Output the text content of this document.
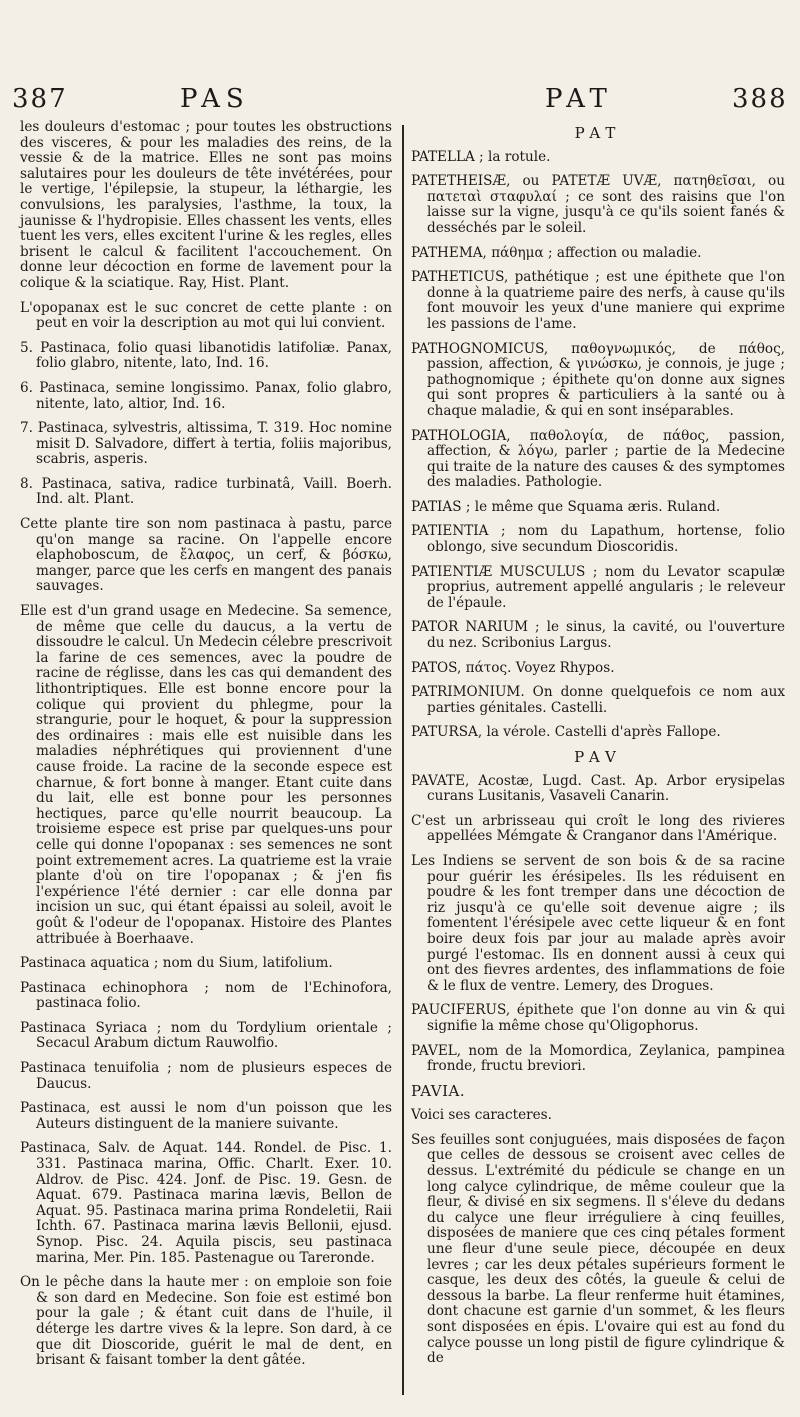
387	PAS	PAT	388

les douleurs d'estomac ; pour toutes les obstructions des visceres, & pour les maladies des reins, de la vessie & de la matrice. Elles ne sont pas moins salutaires pour les douleurs de tête invétérées, pour le vertige, l'épilepsie, la stupeur, la léthargie, les convulsions, les paralysies, l'asthme, la toux, la jaunisse & l'hydropisie. Elles chassent les vents, elles tuent les vers, elles excitent l'urine & les regles, elles brisent le calcul & facilitent l'accouchement. On donne leur décoction en forme de lavement pour la colique & la sciatique. Ray, Hist. Plant.

L'opopanax est le suc concret de cette plante : on peut en voir la description au mot qui lui convient.

5. Pastinaca, folio quasi libanotidis latifoliæ. Panax, folio glabro, nitente, lato, Ind. 16.

6. Pastinaca, semine longissimo. Panax, folio glabro, nitente, lato, altior, Ind. 16.

7. Pastinaca, sylvestris, altissima, T. 319. Hoc nomine misit D. Salvadore, differt à tertia, foliis majoribus, scabris, asperis.

8. Pastinaca, sativa, radice turbinatâ, Vaill. Boerh. Ind. alt. Plant.

Cette plante tire son nom pastinaca à pastu, parce qu'on mange sa racine. On l'appelle encore elaphoboscum, de ἔλαφος, un cerf, & βόσκω, manger, parce que les cerfs en mangent des panais sauvages.

Elle est d'un grand usage en Medecine. Sa semence, de même que celle du daucus, a la vertu de dissoudre le calcul. Un Medecin célebre prescrivoit la farine de ces semences, avec la poudre de racine de réglisse, dans les cas qui demandent des lithontriptiques. Elle est bonne encore pour la colique qui provient du phlegme, pour la strangurie, pour le hoquet, & pour la suppression des ordinaires : mais elle est nuisible dans les maladies néphrétiques qui proviennent d'une cause froide. La racine de la seconde espece est charnue, & fort bonne à manger. Etant cuite dans du lait, elle est bonne pour les personnes hectiques, parce qu'elle nourrit beaucoup. La troisieme espece est prise par quelques-uns pour celle qui donne l'opopanax : ses semences ne sont point extremement acres. La quatrieme est la vraie plante d'où on tire l'opopanax ; & j'en fis l'expérience l'été dernier : car elle donna par incision un suc, qui étant épaissi au soleil, avoit le goût & l'odeur de l'opopanax. Histoire des Plantes attribuée à Boerhaave.

Pastinaca aquatica ; nom du Sium, latifolium.

Pastinaca echinophora ; nom de l'Echinofora, pastinaca folio.

Pastinaca Syriaca ; nom du Tordylium orientale ; Secacul Arabum dictum Rauwolfio.

Pastinaca tenuifolia ; nom de plusieurs especes de Daucus.

Pastinaca, est aussi le nom d'un poisson que les Auteurs distinguent de la maniere suivante.

Pastinaca, Salv. de Aquat. 144. Rondel. de Pisc. 1. 331. Pastinaca marina, Offic. Charlt. Exer. 10. Aldrov. de Pisc. 424. Jonf. de Pisc. 19. Gesn. de Aquat. 679. Pastinaca marina lævis, Bellon de Aquat. 95. Pastinaca marina prima Rondeletii, Raii Ichth. 67. Pastinaca marina lævis Bellonii, ejusd. Synop. Pisc. 24. Aquila piscis, seu pastinaca marina, Mer. Pin. 185. Pastenague ou Tareronde.

On le pêche dans la haute mer : on emploie son foie & son dard en Medecine. Son foie est estimé bon pour la gale ; & étant cuit dans de l'huile, il déterge les dartre vives & la lepre. Son dard, à ce que dit Dioscoride, guérit le mal de dent, en brisant & faisant tomber la dent gâtée.

PAT

PATELLA ; la rotule.

PATETHEISÆ, ou PATETÆ UVÆ, πατηθεῖσαι, ou πατεταὶ σταφυλαί ; ce sont des raisins que l'on laisse sur la vigne, jusqu'à ce qu'ils soient fanés & desséchés par le soleil.

PATHEMA, πάθημα ; affection ou maladie.

PATHETICUS, pathétique ; est une épithete que l'on donne à la quatrieme paire des nerfs, à cause qu'ils font mouvoir les yeux d'une maniere qui exprime les passions de l'ame.

PATHOGNOMICUS, παθογνωμικός, de πάθος, passion, affection, & γινώσκω, je connois, je juge ; pathognomique ; épithete qu'on donne aux signes qui sont propres & particuliers à la santé ou à chaque maladie, & qui en sont inséparables.

PATHOLOGIA, παθολογία, de πάθος, passion, affection, & λόγω, parler ; partie de la Medecine qui traite de la nature des causes & des symptomes des maladies. Pathologie.

PATIAS ; le même que Squama æris. Ruland.

PATIENTIA ; nom du Lapathum, hortense, folio oblongo, sive secundum Dioscoridis.

PATIENTIÆ MUSCULUS ; nom du Levator scapulæ proprius, autrement appellé angularis ; le releveur de l'épaule.

PATOR NARIUM ; le sinus, la cavité, ou l'ouverture du nez. Scribonius Largus.

PATOS, πάτος. Voyez Rhypos.

PATRIMONIUM. On donne quelquefois ce nom aux parties génitales. Castelli.

PATURSA, la vérole. Castelli d'après Fallope.

PAV

PAVATE, Acostæ, Lugd. Cast. Ap. Arbor erysipelas curans Lusitanis, Vasaveli Canarin.

C'est un arbrisseau qui croît le long des rivieres appellées Mémgate & Cranganor dans l'Amérique.

Les Indiens se servent de son bois & de sa racine pour guérir les érésipeles. Ils les réduisent en poudre & les font tremper dans une décoction de riz jusqu'à ce qu'elle soit devenue aigre ; ils fomentent l'érésipele avec cette liqueur & en font boire deux fois par jour au malade après avoir purgé l'estomac. Ils en donnent aussi à ceux qui ont des fievres ardentes, des inflammations de foie & le flux de ventre. Lemery, des Drogues.

PAUCIFERUS, épithete que l'on donne au vin & qui signifie la même chose qu'Oligophorus.

PAVEL, nom de la Momordica, Zeylanica, pampinea fronde, fructu breviori.

PAVIA.

Voici ses caracteres.

Ses feuilles sont conjuguées, mais disposées de façon que celles de dessous se croisent avec celles de dessus. L'extrémité du pédicule se change en un long calyce cylindrique, de même couleur que la fleur, & divisé en six segmens. Il s'éleve du dedans du calyce une fleur irréguliere à cinq feuilles, disposées de maniere que ces cinq pétales forment une fleur d'une seule piece, découpée en deux levres ; car les deux pétales supérieurs forment le casque, les deux des côtés, la gueule & celui de dessous la barbe. La fleur renferme huit étamines, dont chacune est garnie d'un sommet, & les fleurs sont disposées en épis. L'ovaire qui est au fond du calyce pousse un long pistil de figure cylindrique & de
